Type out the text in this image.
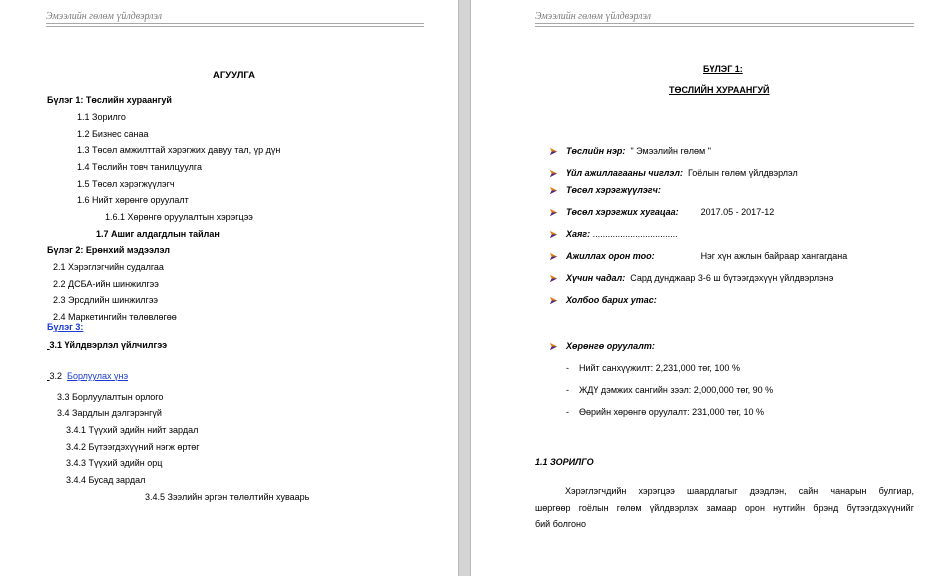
Эмээлийн гөлөм үйлдвэрлэл
АГУУЛГА
Бүлэг 1: Төслийн хураангуй
1.1 Зорилго
1.2 Бизнес санаа
1.3 Төсөл амжилттай хэрэгжих давуу тал, үр дүн
1.4 Төслийн товч танилцуулга
1.5 Төсөл хэрэгжүүлэгч
1.6 Нийт хөрөнгө оруулалт
1.6.1 Хөрөнгө оруулалтын хэрэгцээ
1.7 Ашиг алдагдлын тайлан
Бүлэг 2: Ерөнхий мэдээлэл
2.1 Хэрэглэгчийн судалгаа
2.2 ДСБА-ийн шинжилгээ
2.3 Эрсдлийн шинжилгээ
2.4 Маркетингийн төлөвлөгөө
Бүлэг 3:
3.1 Үйлдвэрлэл үйлчилгээ
3.2 Борлуулах үнэ
3.3 Борлуулалтын орлого
3.4 Зардлын дэлгэрэнгүй
3.4.1 Түүхий эдийн нийт зардал
3.4.2 Бүтээгдэхүүний нэгж өртөг
3.4.3 Түүхий эдийн орц
3.4.4 Бусад зардал
3.4.5 Зээлийн эргэн төлөлтийн хуваарь
Эмээлийн гөлөм үйлдвэрлэл
БҮЛЭГ 1:
ТӨСЛИЙН ХУРААНГУЙ
Төслийн нэр: " Эмээлийн гөлөм "
Үйл ажиллагааны чиглэл: Гоёлын гөлөм үйлдвэрлэл
Төсөл хэрэгжүүлэгч:
Төсөл хэрэгжих хугацаа: 2017.05 - 2017-12
Хаяг: ..................................
Ажиллах орон тоо:	Нэг хүн ажлын байраар хангагдана
Хүчин чадал: Сард дунджаар 3-6 ш бүтээгдэхүүн үйлдвэрлэнэ
Холбоо барих утас:
Хөрөнгө оруулалт:
- Нийт санхүүжилт: 2,231,000 төг, 100 %
- ЖДҮ дэмжих сангийн зээл: 2,000,000 төг, 90 %
- Өөрийн хөрөнгө оруулалт: 231,000 төг, 10 %
1.1 ЗОРИЛГО
Хэрэглэгчдийн хэрэгцээ шаардлагыг дээдлэн, сайн чанарын булгиар,
шөргөөр гоёлын гөлөм үйлдвэрлэх замаар орон нутгийн брэнд бүтээгдэхүүнийг
бий болгоно
